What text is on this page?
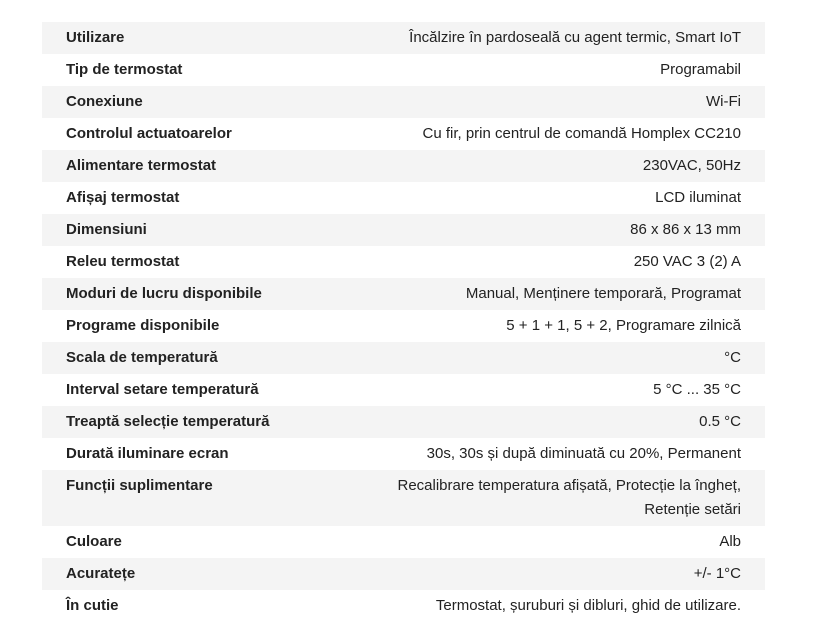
Utilizare	Încălzire în pardoseală cu agent termic, Smart IoT
Tip de termostat	Programabil
Conexiune	Wi-Fi
Controlul actuatoarelor	Cu fir, prin centrul de comandă Homplex CC210
Alimentare termostat	230VAC, 50Hz
Afișaj termostat	LCD iluminat
Dimensiuni	86 x 86 x 13 mm
Releu termostat	250 VAC 3 (2) A
Moduri de lucru disponibile	Manual, Menținere temporară, Programat
Programe disponibile	5 + 1 + 1, 5 + 2, Programare zilnică
Scala de temperatură	°C
Interval setare temperatură	5 °C ... 35 °C
Treaptă selecție temperatură	0.5 °C
Durată iluminare ecran	30s, 30s și după diminuată cu 20%, Permanent
Funcții suplimentare	Recalibrare temperatura afișată, Protecție la îngheț, Retenție setări
Culoare	Alb
Acuratețe	+/- 1°C
În cutie	Termostat, șuruburi și dibluri, ghid de utilizare.
